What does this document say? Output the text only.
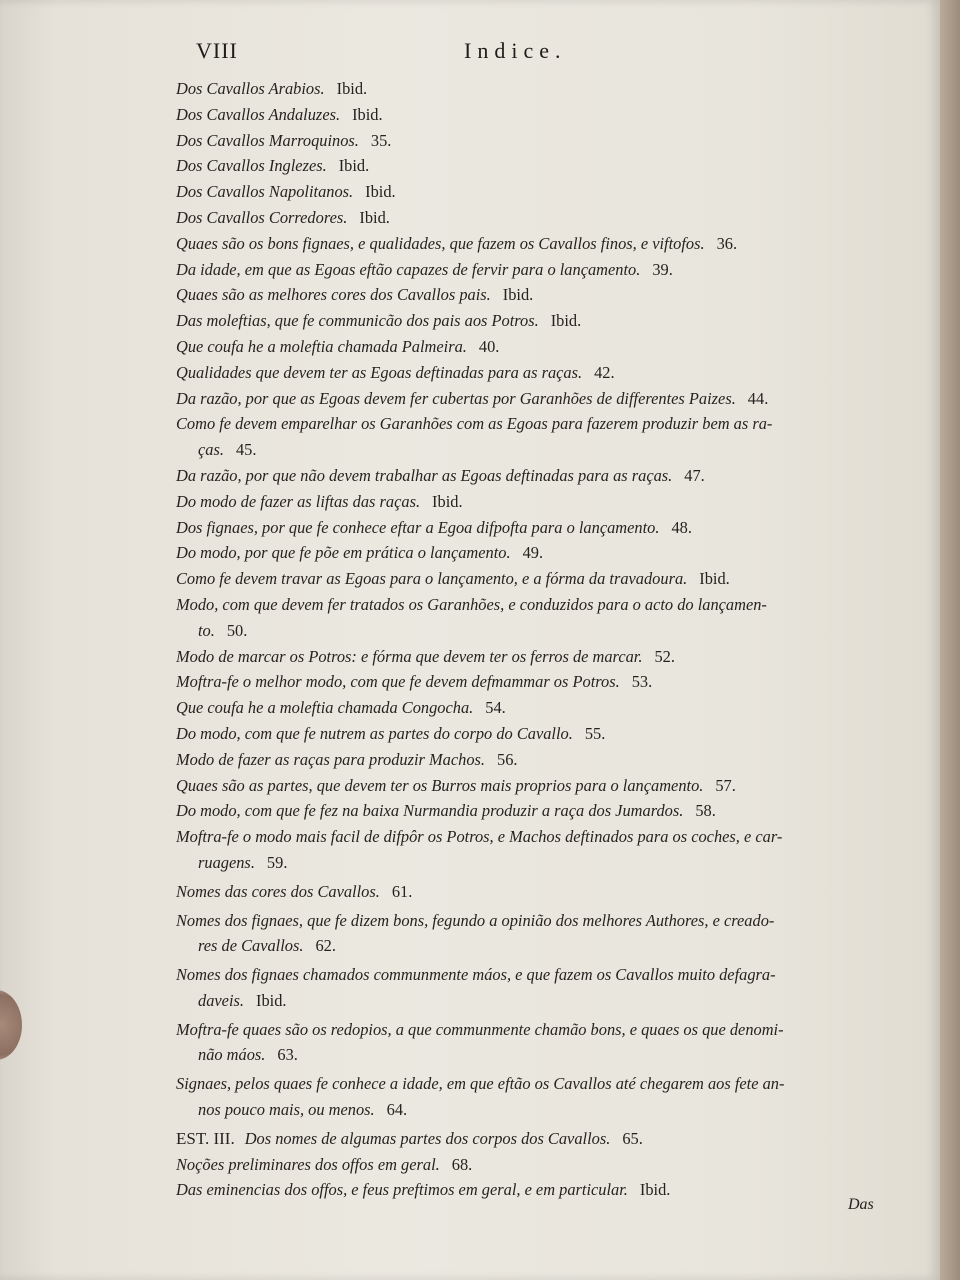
VIII	Indice.
Dos Cavallos Arabios. Ibid.
Dos Cavallos Andaluzes. Ibid.
Dos Cavallos Marroquinos. 35.
Dos Cavallos Inglezes. Ibid.
Dos Cavallos Napolitanos. Ibid.
Dos Cavallos Corredores. Ibid.
Quaes são os bons fignaes, e qualidades, que fazem os Cavallos finos, e viftofos. 36.
Da idade, em que as Egoas eftão capazes de fervir para o lançamento. 39.
Quaes são as melhores cores dos Cavallos pais. Ibid.
Das moleftias, que fe communicão dos pais aos Potros. Ibid.
Que coufa he a moleftia chamada Palmeira. 40.
Qualidades que devem ter as Egoas deftinadas para as raças. 42.
Da razão, por que as Egoas devem fer cubertas por Garanhões de differentes Paizes. 44.
Como fe devem emparelhar os Garanhões com as Egoas para fazerem produzir bem as ra-
ças. 45.
Da razão, por que não devem trabalhar as Egoas deftinadas para as raças. 47.
Do modo de fazer as liftas das raças. Ibid.
Dos fignaes, por que fe conhece eftar a Egoa difpofta para o lançamento. 48.
Do modo, por que fe põe em prática o lançamento. 49.
Como fe devem travar as Egoas para o lançamento, e a fórma da travadoura. Ibid.
Modo, com que devem fer tratados os Garanhões, e conduzidos para o acto do lançamen-
to. 50.
Modo de marcar os Potros: e fórma que devem ter os ferros de marcar. 52.
Moftra-fe o melhor modo, com que fe devem defmammar os Potros. 53.
Que coufa he a moleftia chamada Congocha. 54.
Do modo, com que fe nutrem as partes do corpo do Cavallo. 55.
Modo de fazer as raças para produzir Machos. 56.
Quaes são as partes, que devem ter os Burros mais proprios para o lançamento. 57.
Do modo, com que fe fez na baixa Nurmandia produzir a raça dos Jumardos. 58.
Moftra-fe o modo mais facil de difpôr os Potros, e Machos deftinados para os coches, e car-
ruagens. 59.
Nomes das cores dos Cavallos. 61.
Nomes dos fignaes, que fe dizem bons, fegundo a opinião dos melhores Authores, e creado-
res de Cavallos. 62.
Nomes dos fignaes chamados communmente máos, e que fazem os Cavallos muito defagra-
daveis. Ibid.
Moftra-fe quaes são os redopios, a que communmente chamão bons, e quaes os que denomi-
não máos. 63.
Signaes, pelos quaes fe conhece a idade, em que eftão os Cavallos até chegarem aos fete an-
nos pouco mais, ou menos. 64.
EST. III. Dos nomes de algumas partes dos corpos dos Cavallos. 65.
Noções preliminares dos offos em geral. 68.
Das eminencias dos offos, e feus preftimos em geral, e em particular. Ibid.
Das
